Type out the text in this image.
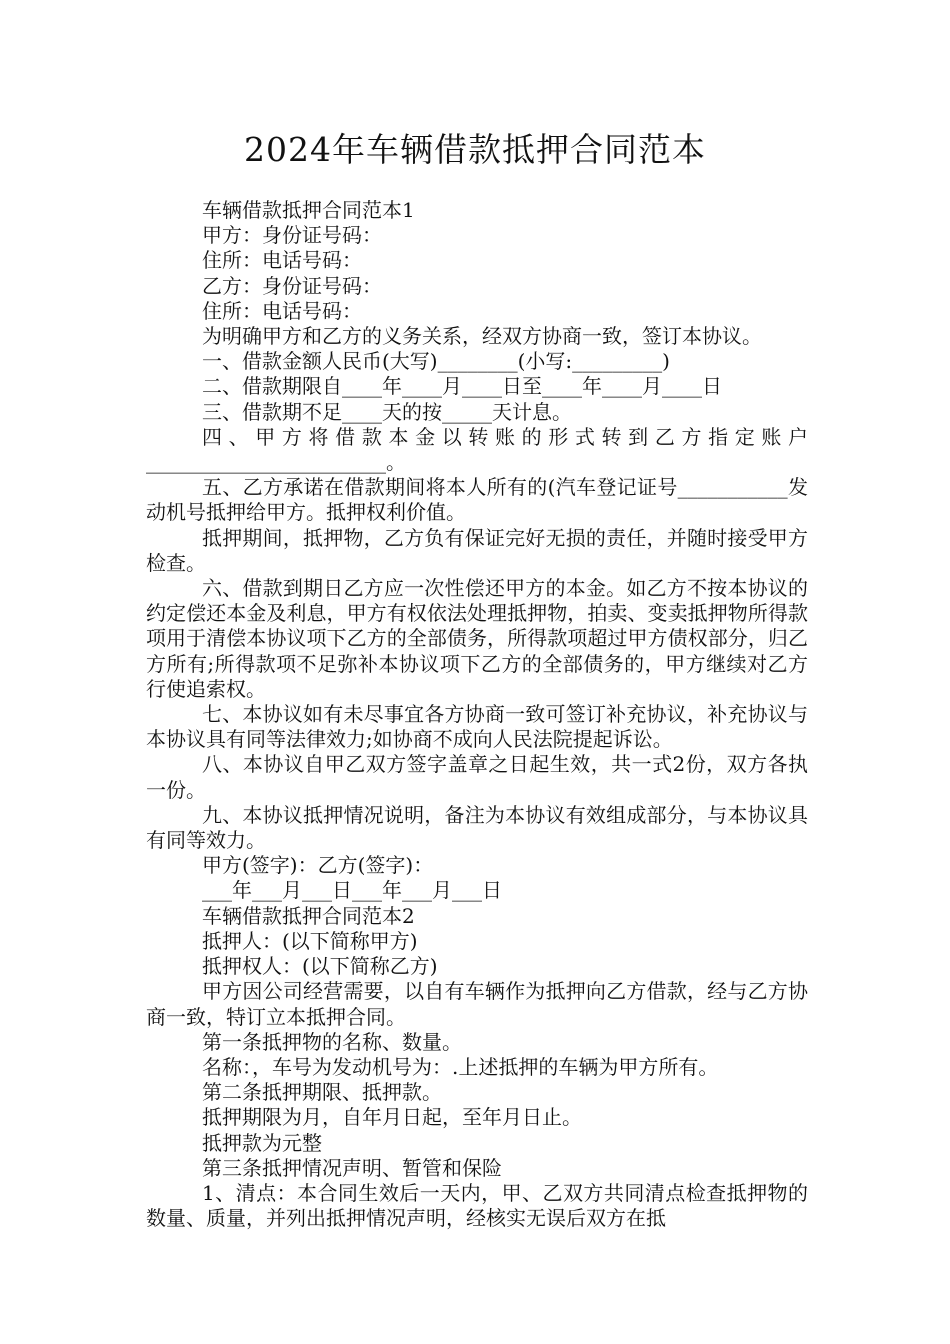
2024年车辆借款抵押合同范本

车辆借款抵押合同范本1

甲方：身份证号码：

住所：电话号码：

乙方：身份证号码：

住所：电话号码：

为明确甲方和乙方的义务关系，经双方协商一致，签订本协议。

一、借款金额人民币(大写)________(小写:_________)

二、借款期限自____年____月____日至____年____月____日

三、借款期不足____天的按_____天计息。

四、甲方将借款本金以转账的形式转到乙方指定账户________________________。

五、乙方承诺在借款期间将本人所有的(汽车登记证号___________发动机号抵押给甲方。抵押权利价值。

抵押期间，抵押物，乙方负有保证完好无损的责任，并随时接受甲方检查。

六、借款到期日乙方应一次性偿还甲方的本金。如乙方不按本协议的约定偿还本金及利息，甲方有权依法处理抵押物，拍卖、变卖抵押物所得款项用于清偿本协议项下乙方的全部债务，所得款项超过甲方债权部分，归乙方所有;所得款项不足弥补本协议项下乙方的全部债务的，甲方继续对乙方行使追索权。

七、本协议如有未尽事宜各方协商一致可签订补充协议，补充协议与本协议具有同等法律效力;如协商不成向人民法院提起诉讼。

八、本协议自甲乙双方签字盖章之日起生效，共一式2份，双方各执一份。

九、本协议抵押情况说明，备注为本协议有效组成部分，与本协议具有同等效力。

甲方(签字)：乙方(签字)：

___年___月___日___年___月___日

车辆借款抵押合同范本2

抵押人：(以下简称甲方)

抵押权人：(以下简称乙方)

甲方因公司经营需要，以自有车辆作为抵押向乙方借款，经与乙方协商一致，特订立本抵押合同。

第一条抵押物的名称、数量。

名称：，车号为发动机号为：.上述抵押的车辆为甲方所有。

第二条抵押期限、抵押款。

抵押期限为月，自年月日起，至年月日止。

抵押款为元整

第三条抵押情况声明、暂管和保险

1、清点：本合同生效后一天内，甲、乙双方共同清点检查抵押物的数量、质量，并列出抵押情况声明，经核实无误后双方在抵
